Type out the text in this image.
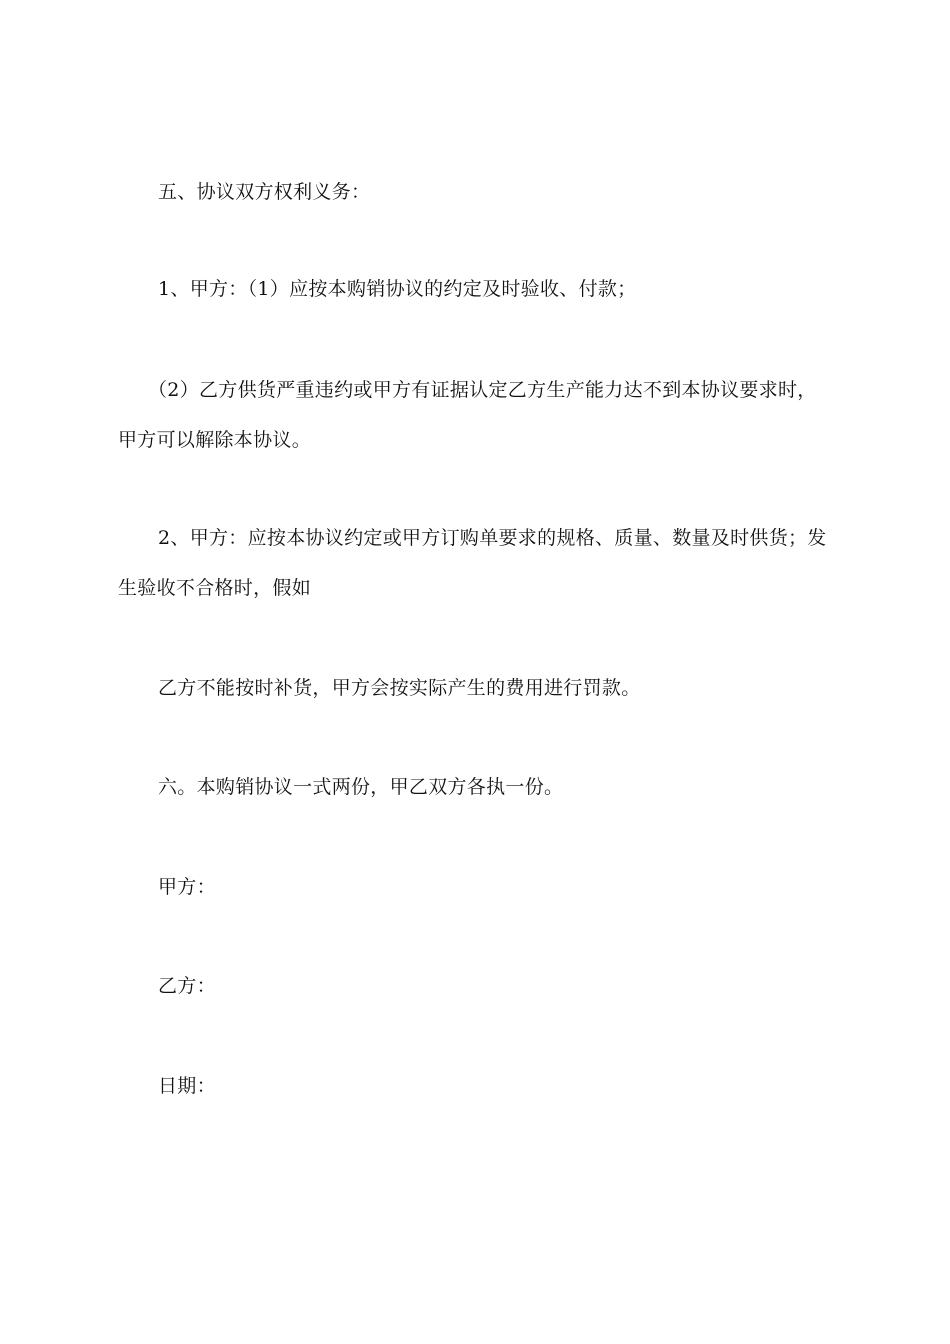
五、协议双方权利义务：
1、甲方：（1）应按本购销协议的约定及时验收、付款；
（2）乙方供货严重违约或甲方有证据认定乙方生产能力达不到本协议要求时，
甲方可以解除本协议。
2、甲方：应按本协议约定或甲方订购单要求的规格、质量、数量及时供货；发
生验收不合格时，假如
乙方不能按时补货，甲方会按实际产生的费用进行罚款。
六。本购销协议一式两份，甲乙双方各执一份。
甲方：
乙方：
日期：
